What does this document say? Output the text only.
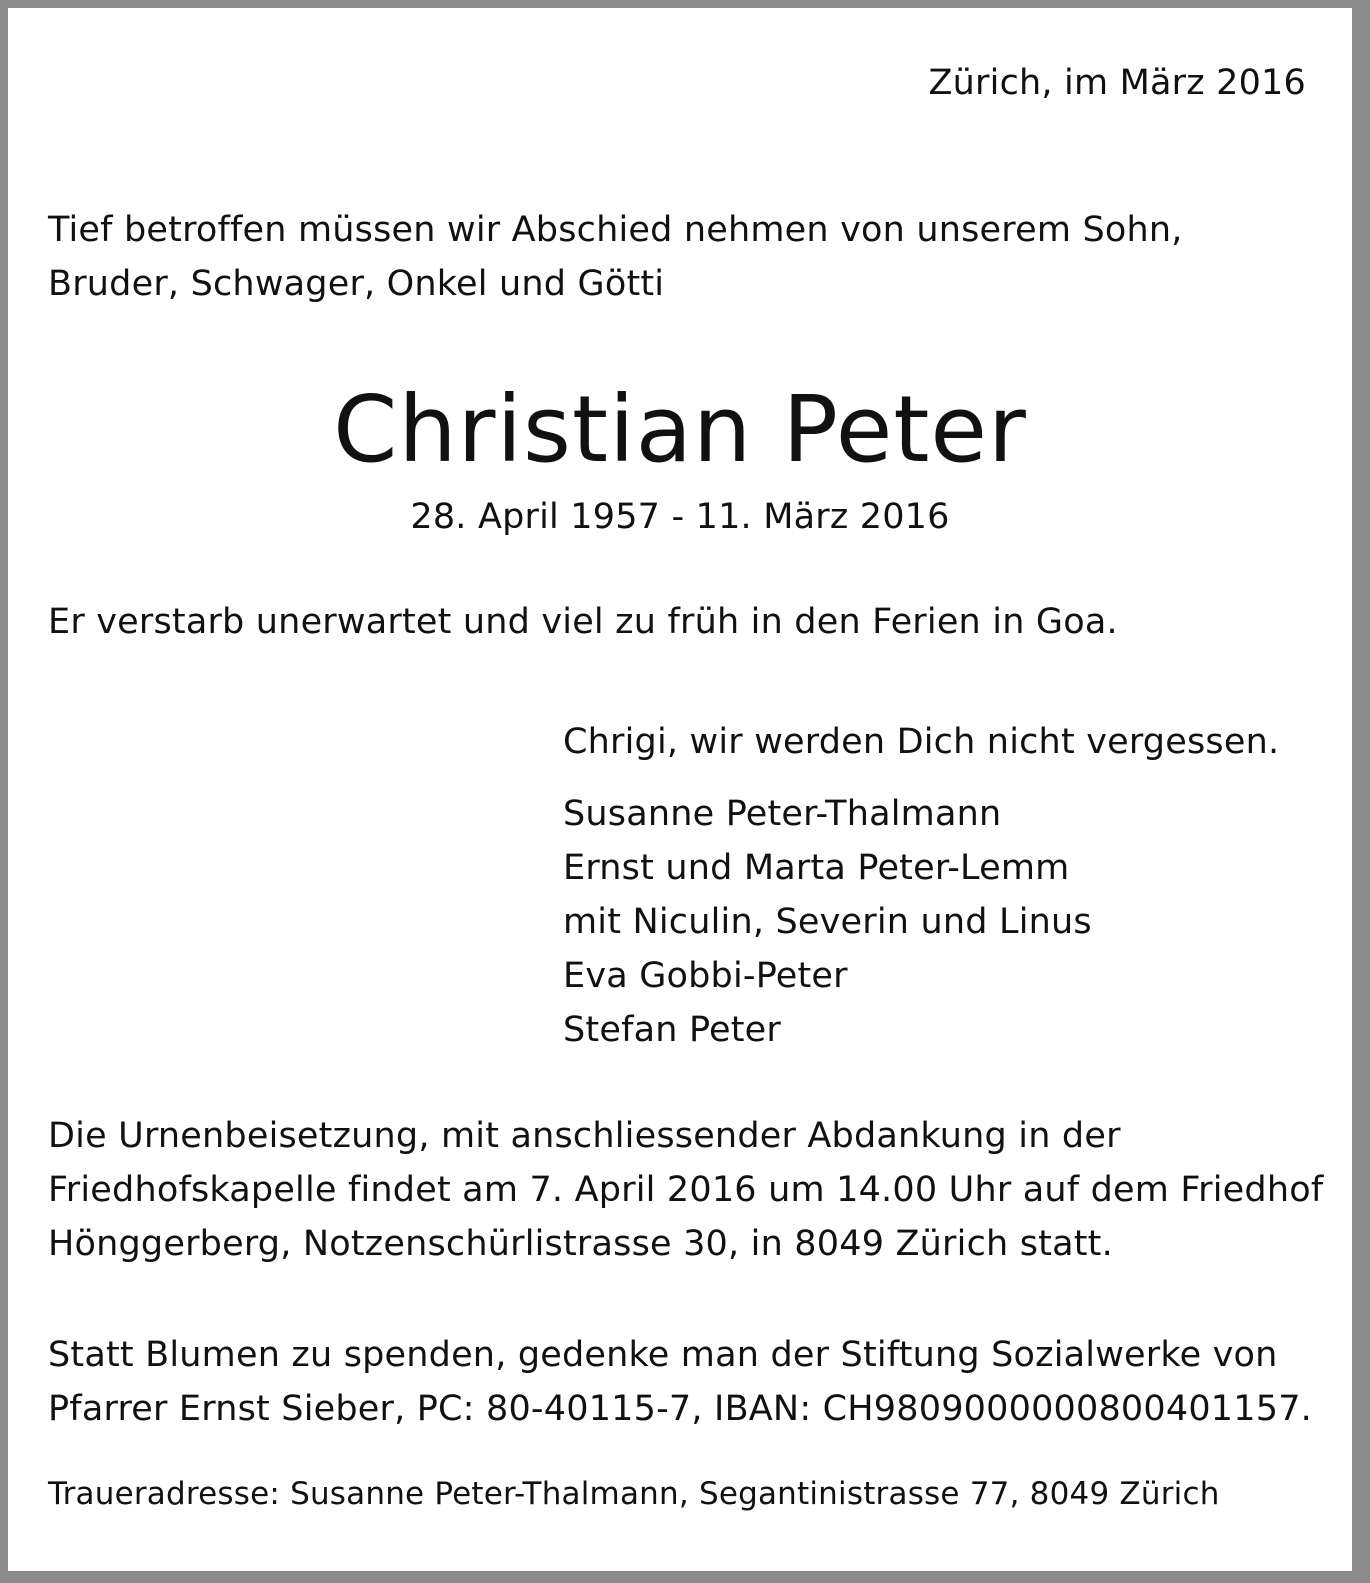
Zürich, im März 2016
Tief betroffen müssen wir Abschied nehmen von unserem Sohn,
Bruder, Schwager, Onkel und Götti
Christian Peter
28. April 1957 - 11. März 2016
Er verstarb unerwartet und viel zu früh in den Ferien in Goa.
Chrigi, wir werden Dich nicht vergessen.
Susanne Peter-Thalmann
Ernst und Marta Peter-Lemm
mit Niculin, Severin und Linus
Eva Gobbi-Peter
Stefan Peter
Die Urnenbeisetzung, mit anschliessender Abdankung in der
Friedhofskapelle findet am 7. April 2016 um 14.00 Uhr auf dem Friedhof
Hönggerberg, Notzenschürlistrasse 30, in 8049 Zürich statt.
Statt Blumen zu spenden, gedenke man der Stiftung Sozialwerke von
Pfarrer Ernst Sieber, PC: 80-40115-7, IBAN: CH9809000000800401157.
Traueradresse: Susanne Peter-Thalmann, Segantinistrasse 77, 8049 Zürich
